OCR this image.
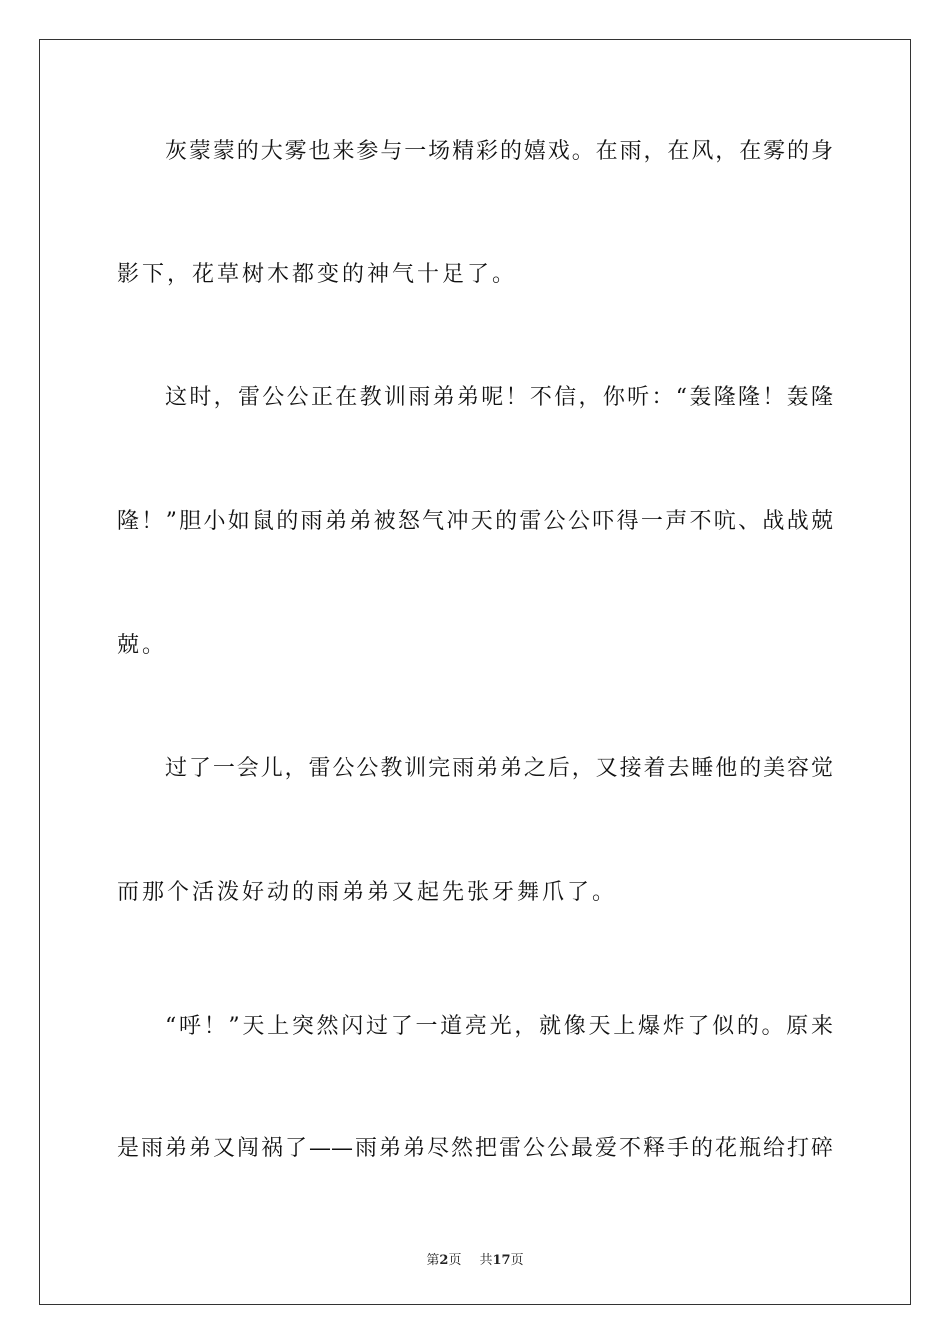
灰蒙蒙的大雾也来参与一场精彩的嬉戏。在雨，在风，在雾的身
影下，花草树木都变的神气十足了。
这时，雷公公正在教训雨弟弟呢！不信，你听：“轰隆隆！轰隆
隆！”胆小如鼠的雨弟弟被怒气冲天的雷公公吓得一声不吭、战战兢
兢。
过了一会儿，雷公公教训完雨弟弟之后，又接着去睡他的美容觉
而那个活泼好动的雨弟弟又起先张牙舞爪了。
“呼！”天上突然闪过了一道亮光，就像天上爆炸了似的。原来
是雨弟弟又闯祸了——雨弟弟尽然把雷公公最爱不释手的花瓶给打碎
第2页 共17页
